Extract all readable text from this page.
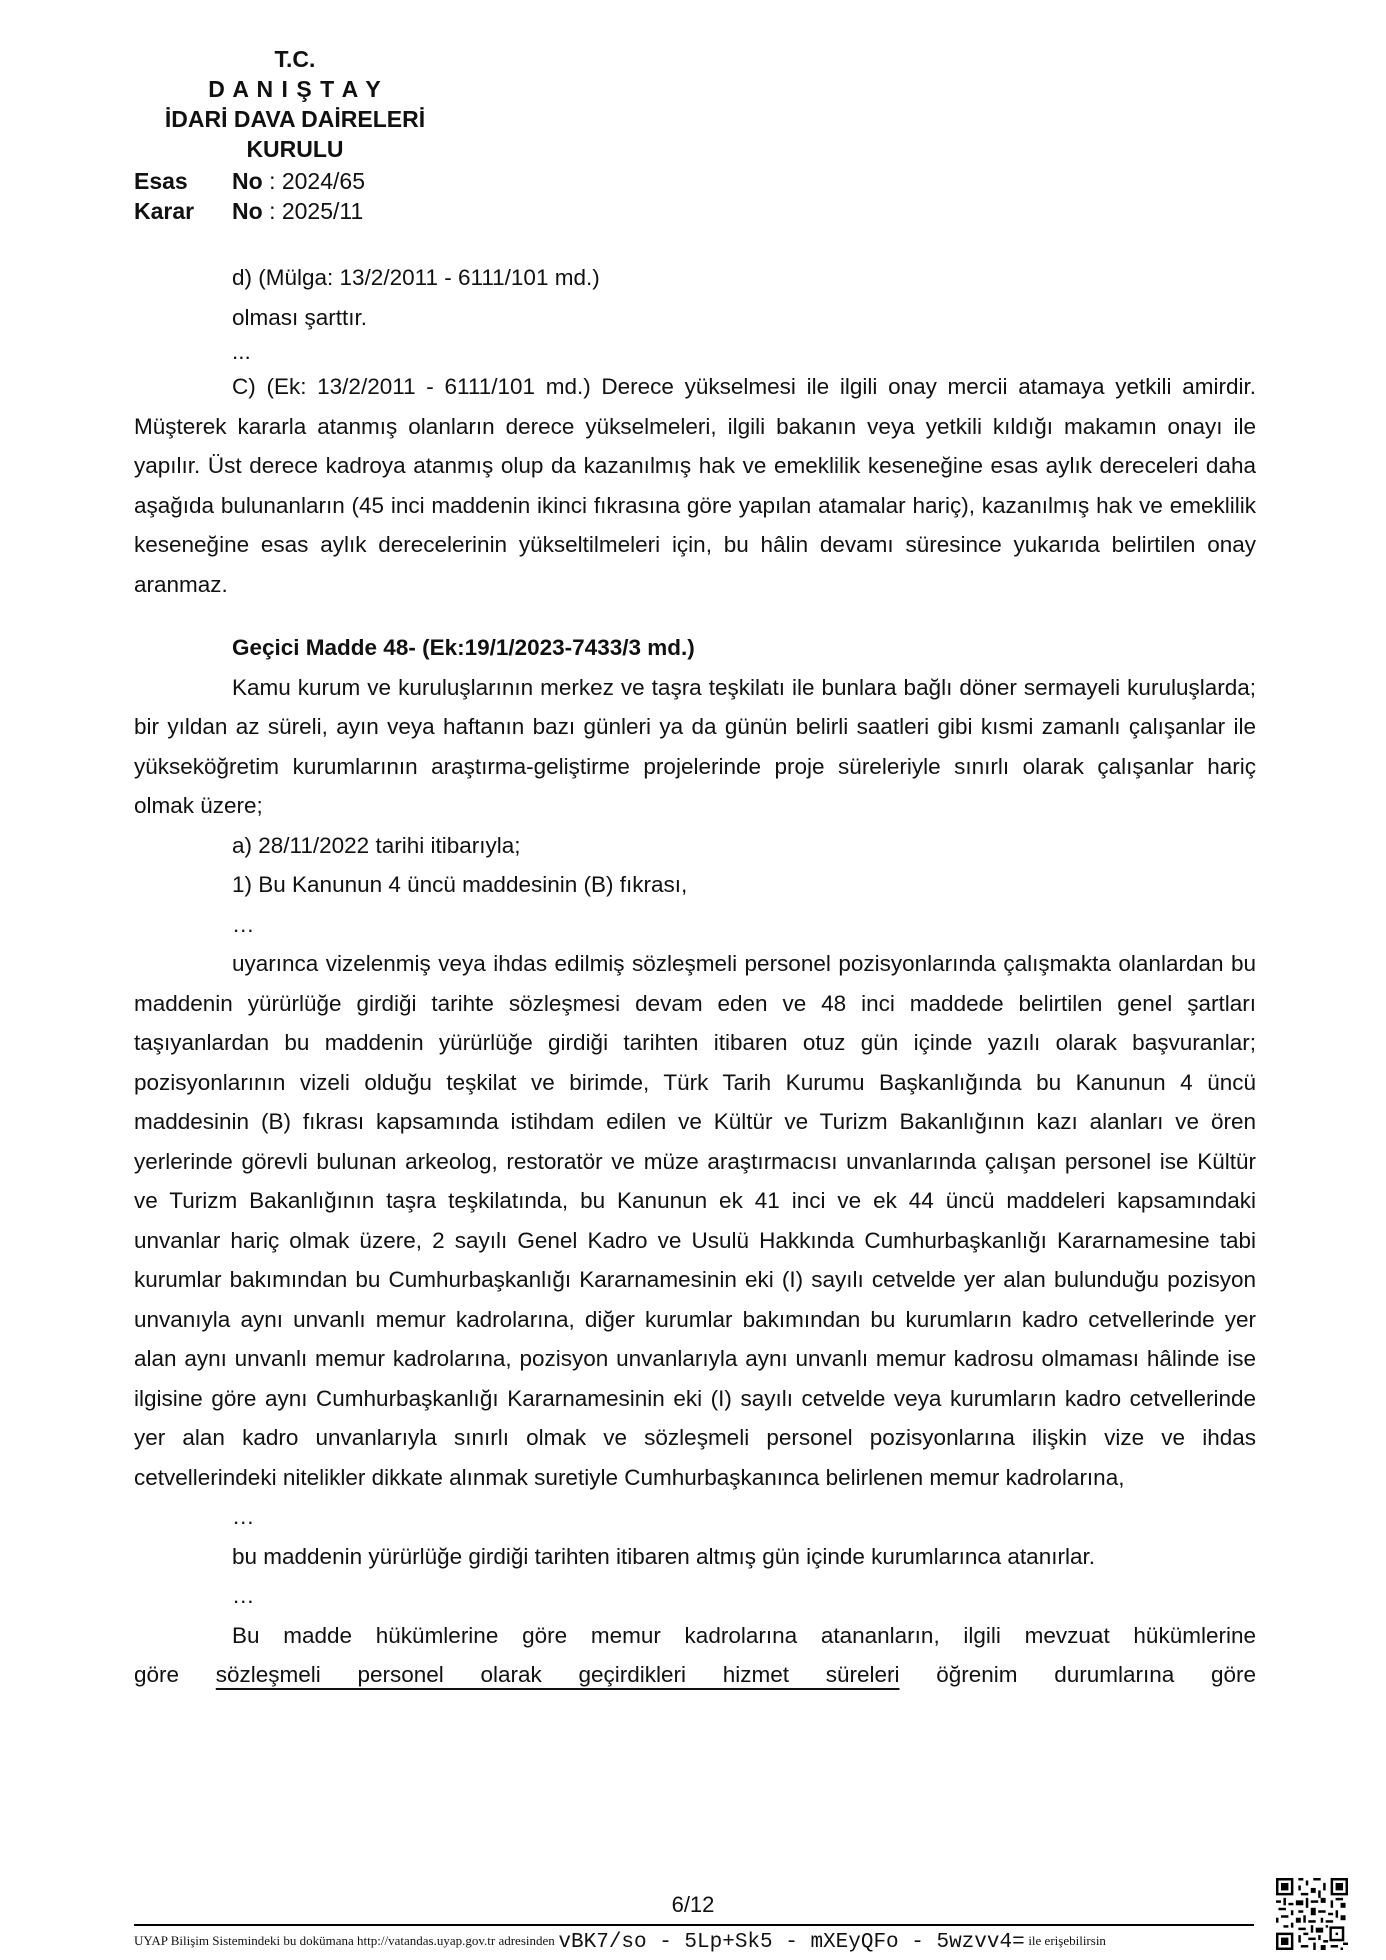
T.C.
D A N I Ş T A Y
İDARİ DAVA DAİRELERİ
KURULU
Esas No : 2024/65
Karar No : 2025/11

d) (Mülga: 13/2/2011 - 6111/101 md.)

olması şarttır.

...

C) (Ek: 13/2/2011 - 6111/101 md.) Derece yükselmesi ile ilgili onay mercii atamaya yetkili amirdir. Müşterek kararla atanmış olanların derece yükselmeleri, ilgili bakanın veya yetkili kıldığı makamın onayı ile yapılır. Üst derece kadroya atanmış olup da kazanılmış hak ve emeklilik keseneğine esas aylık dereceleri daha aşağıda bulunanların (45 inci maddenin ikinci fıkrasına göre yapılan atamalar hariç), kazanılmış hak ve emeklilik keseneğine esas aylık derecelerinin yükseltilmeleri için, bu hâlin devamı süresince yukarıda belirtilen onay aranmaz.

Geçici Madde 48- (Ek:19/1/2023-7433/3 md.)

Kamu kurum ve kuruluşlarının merkez ve taşra teşkilatı ile bunlara bağlı döner sermayeli kuruluşlarda; bir yıldan az süreli, ayın veya haftanın bazı günleri ya da günün belirli saatleri gibi kısmi zamanlı çalışanlar ile yükseköğretim kurumlarının araştırma-geliştirme projelerinde proje süreleriyle sınırlı olarak çalışanlar hariç olmak üzere;

a) 28/11/2022 tarihi itibarıyla;

1) Bu Kanunun 4 üncü maddesinin (B) fıkrası,

…

uyarınca vizelenmiş veya ihdas edilmiş sözleşmeli personel pozisyonlarında çalışmakta olanlardan bu maddenin yürürlüğe girdiği tarihte sözleşmesi devam eden ve 48 inci maddede belirtilen genel şartları taşıyanlardan bu maddenin yürürlüğe girdiği tarihten itibaren otuz gün içinde yazılı olarak başvuranlar; pozisyonlarının vizeli olduğu teşkilat ve birimde, Türk Tarih Kurumu Başkanlığında bu Kanunun 4 üncü maddesinin (B) fıkrası kapsamında istihdam edilen ve Kültür ve Turizm Bakanlığının kazı alanları ve ören yerlerinde görevli bulunan arkeolog, restoratör ve müze araştırmacısı unvanlarında çalışan personel ise Kültür ve Turizm Bakanlığının taşra teşkilatında, bu Kanunun ek 41 inci ve ek 44 üncü maddeleri kapsamındaki unvanlar hariç olmak üzere, 2 sayılı Genel Kadro ve Usulü Hakkında Cumhurbaşkanlığı Kararnamesine tabi kurumlar bakımından bu Cumhurbaşkanlığı Kararnamesinin eki (I) sayılı cetvelde yer alan bulunduğu pozisyon unvanıyla aynı unvanlı memur kadrolarına, diğer kurumlar bakımından bu kurumların kadro cetvellerinde yer alan aynı unvanlı memur kadrolarına, pozisyon unvanlarıyla aynı unvanlı memur kadrosu olmaması hâlinde ise ilgisine göre aynı Cumhurbaşkanlığı Kararnamesinin eki (I) sayılı cetvelde veya kurumların kadro cetvellerinde yer alan kadro unvanlarıyla sınırlı olmak ve sözleşmeli personel pozisyonlarına ilişkin vize ve ihdas cetvellerindeki nitelikler dikkate alınmak suretiyle Cumhurbaşkanınca belirlenen memur kadrolarına,

…

bu maddenin yürürlüğe girdiği tarihten itibaren altmış gün içinde kurumlarınca atanırlar.

…

Bu madde hükümlerine göre memur kadrolarına atananların, ilgili mevzuat hükümlerine

göre sözleşmeli personel olarak geçirdikleri hizmet süreleri öğrenim durumlarına göre

6/12
UYAP Bilişim Sistemindeki bu dokümana http://vatandas.uyap.gov.tr adresinden vBK7/so - 5Lp+Sk5 - mXEyQFo - 5wzvv4= ile erişebilirsin
